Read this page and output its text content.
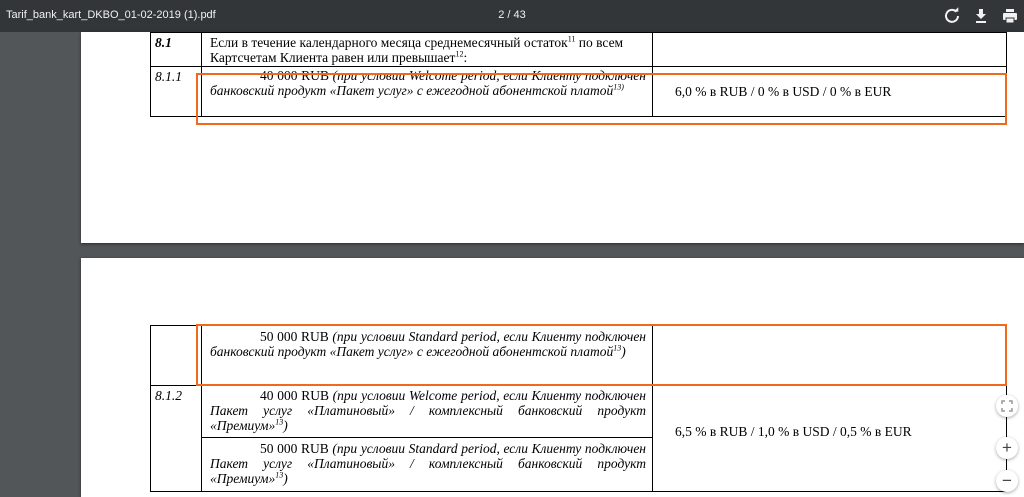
Tarif_bank_kart_DKBO_01-02-2019 (1).pdf	2 / 43
8.1	Если в течение календарного месяца среднемесячный остаток$^{11}$ по всем Картсчетам Клиента равен или превышает$^{12}$:	

8.1.1	40 000 RUB (при условии Welcome period, если Клиенту подключен банковский продукт «Пакет услуг» с ежегодной абонентской платой$^{13)}$	6,0 % в RUB / 0 % в USD / 0 % в EUR

	50 000 RUB (при условии Standard period, если Клиенту подключен банковский продукт «Пакет услуг» с ежегодной абонентской платой$^{13}$)	

8.1.2	40 000 RUB (при условии Welcome period, если Клиенту подключен Пакет услуг «Платиновый» / комплексный банковский продукт «Премиум»$^{13}$)	6,5 % в RUB / 1,0 % в USD / 0,5 % в EUR

	50 000 RUB (при условии Standard period, если Клиенту подключен Пакет услуг «Платиновый» / комплексный банковский продукт «Премиум»$^{13}$)	
+
−
